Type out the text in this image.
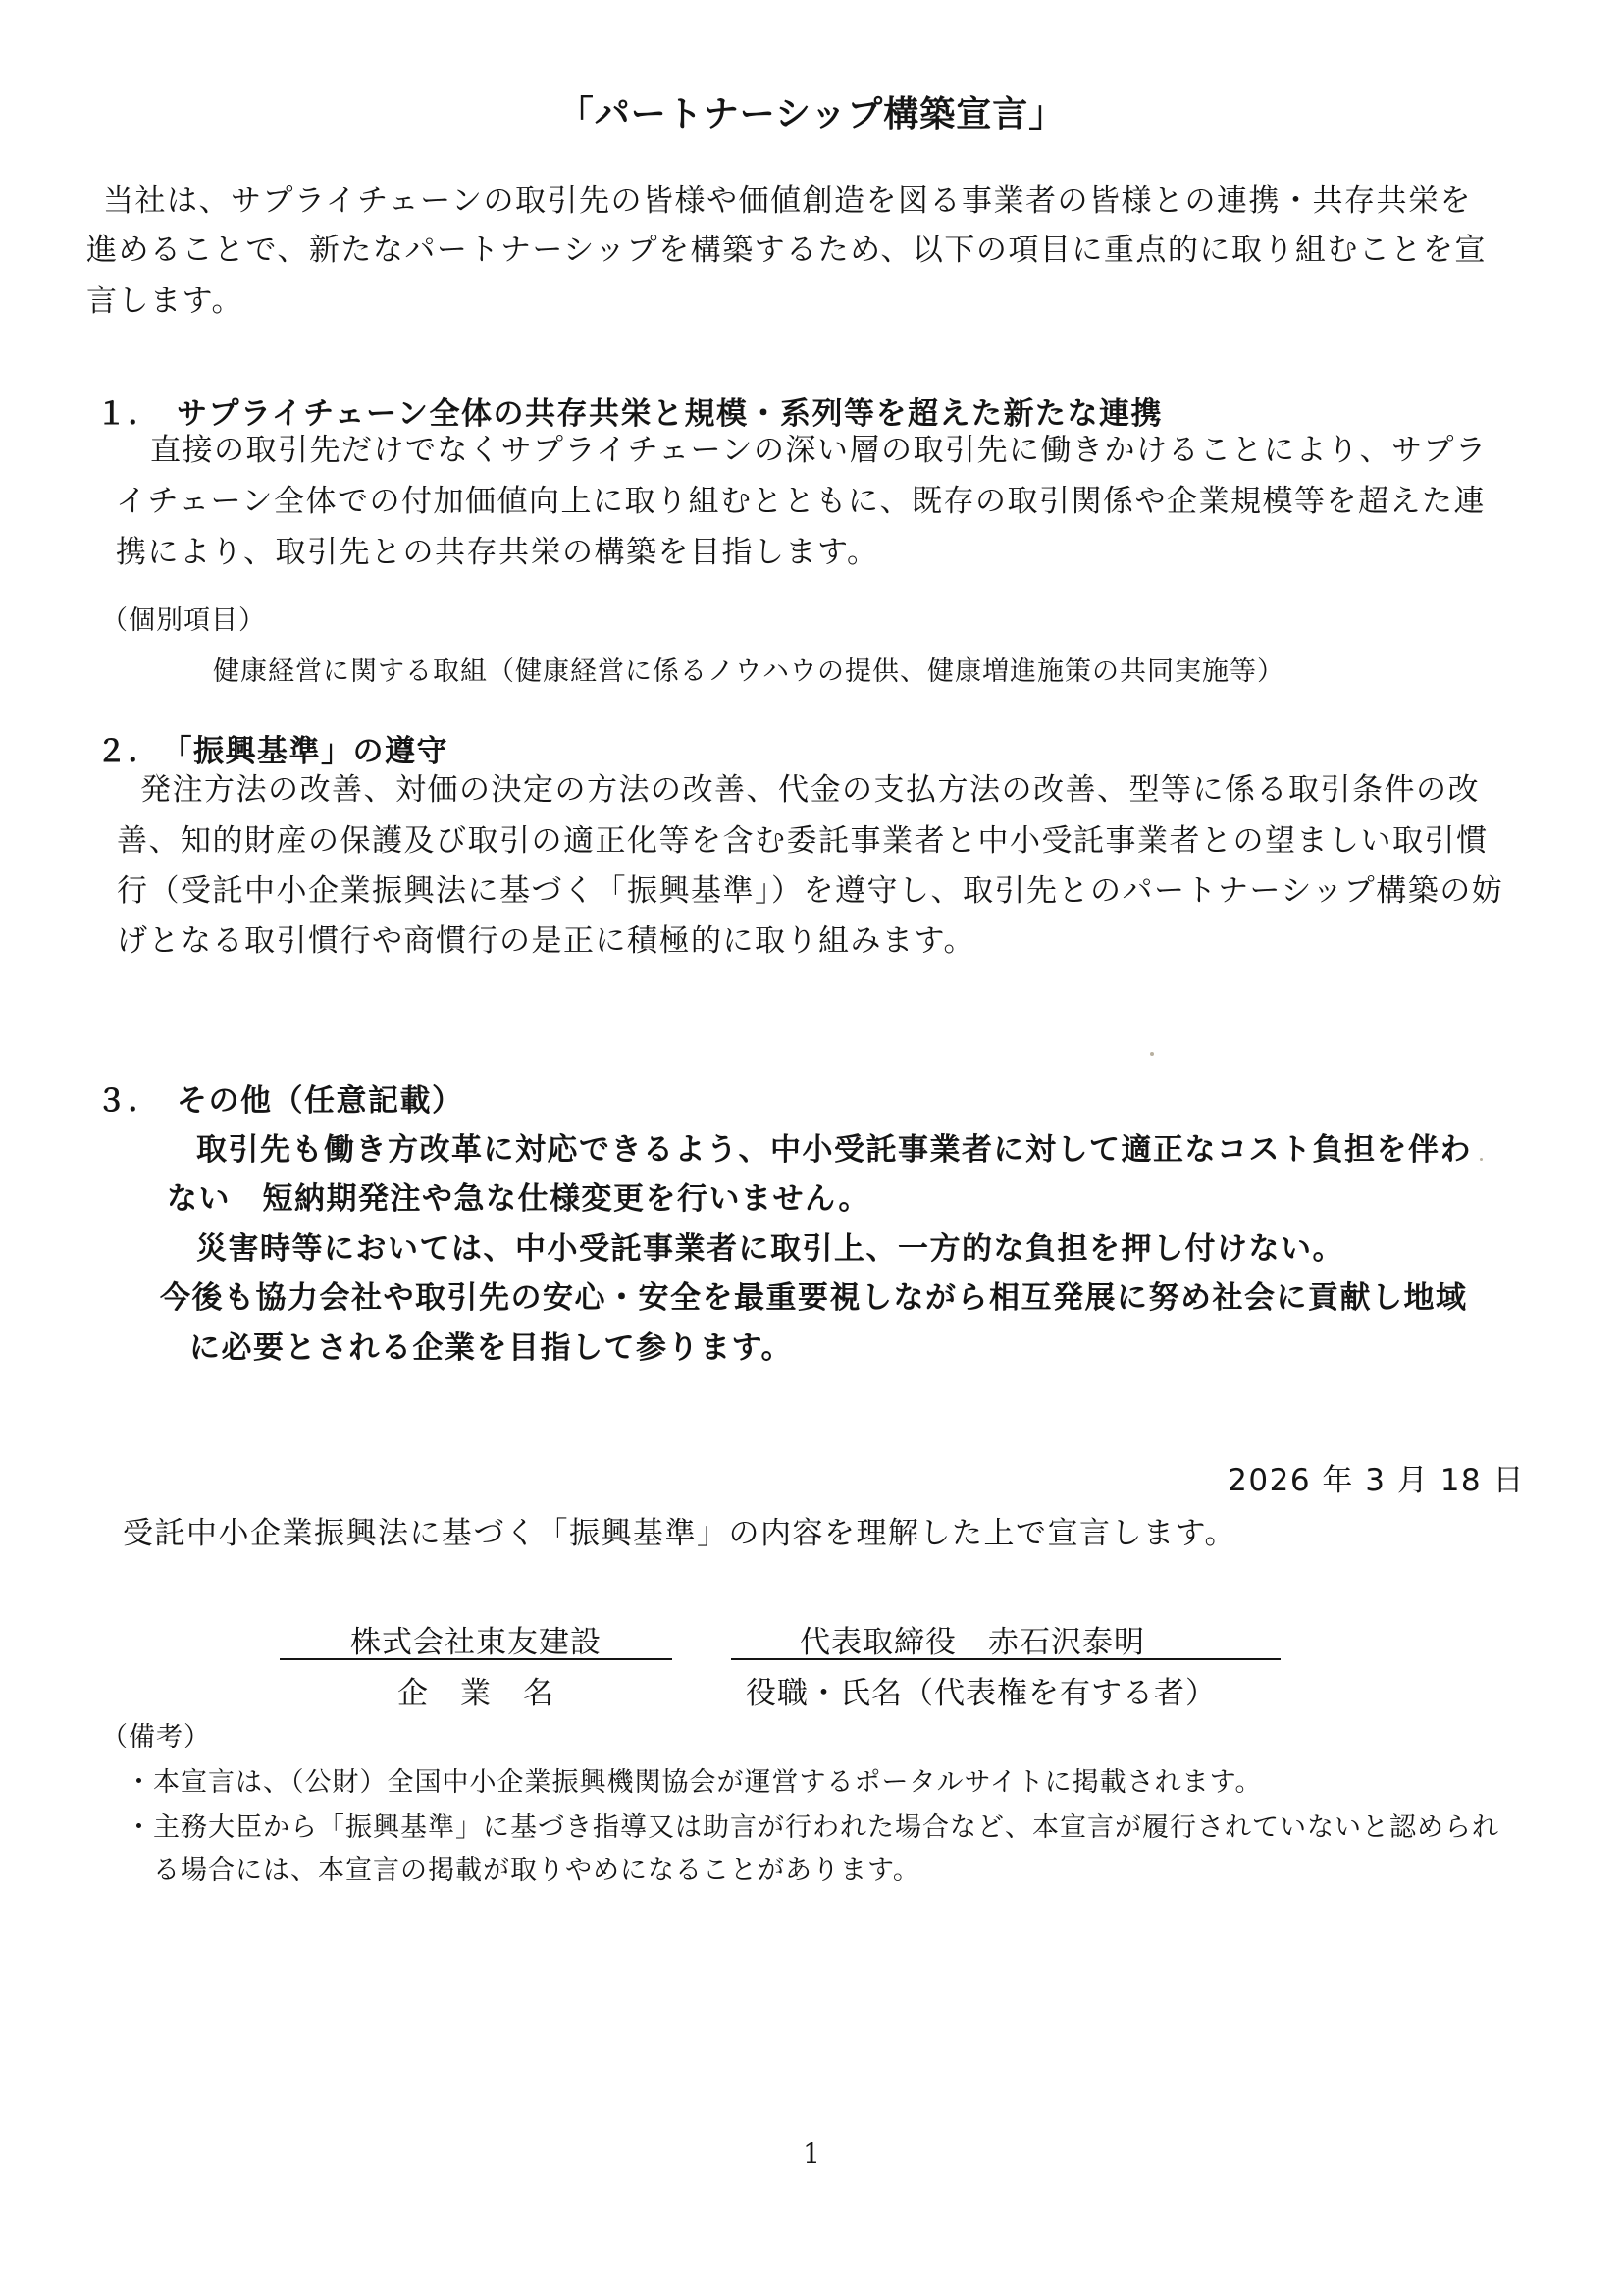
「パートナーシップ構築宣言」
当社は、サプライチェーンの取引先の皆様や価値創造を図る事業者の皆様との連携・共存共栄を
進めることで、新たなパートナーシップを構築するため、以下の項目に重点的に取り組むことを宣
言します。
１．　サプライチェーン全体の共存共栄と規模・系列等を超えた新たな連携
直接の取引先だけでなくサプライチェーンの深い層の取引先に働きかけることにより、サプラ
イチェーン全体での付加価値向上に取り組むとともに、既存の取引関係や企業規模等を超えた連
携により、取引先との共存共栄の構築を目指します。
（個別項目）
健康経営に関する取組（健康経営に係るノウハウの提供、健康増進施策の共同実施等）
２．　「振興基準」の遵守
発注方法の改善、対価の決定の方法の改善、代金の支払方法の改善、型等に係る取引条件の改
善、知的財産の保護及び取引の適正化等を含む委託事業者と中小受託事業者との望ましい取引慣
行（受託中小企業振興法に基づく「振興基準」）を遵守し、取引先とのパートナーシップ構築の妨
げとなる取引慣行や商慣行の是正に積極的に取り組みます。
３．　その他（任意記載）
取引先も働き方改革に対応できるよう、中小受託事業者に対して適正なコスト負担を伴わ
ない　短納期発注や急な仕様変更を行いません。
災害時等においては、中小受託事業者に取引上、一方的な負担を押し付けない。
今後も協力会社や取引先の安心・安全を最重要視しながら相互発展に努め社会に貢献し地域
に必要とされる企業を目指して参ります。
2026 年 3 月 18 日
受託中小企業振興法に基づく「振興基準」の内容を理解した上で宣言します。
株式会社東友建設
企　業　名
代表取締役　赤石沢泰明
役職・氏名（代表権を有する者）
（備考）
・本宣言は、（公財）全国中小企業振興機関協会が運営するポータルサイトに掲載されます。
・主務大臣から「振興基準」に基づき指導又は助言が行われた場合など、本宣言が履行されていないと認められ
　る場合には、本宣言の掲載が取りやめになることがあります。
1
